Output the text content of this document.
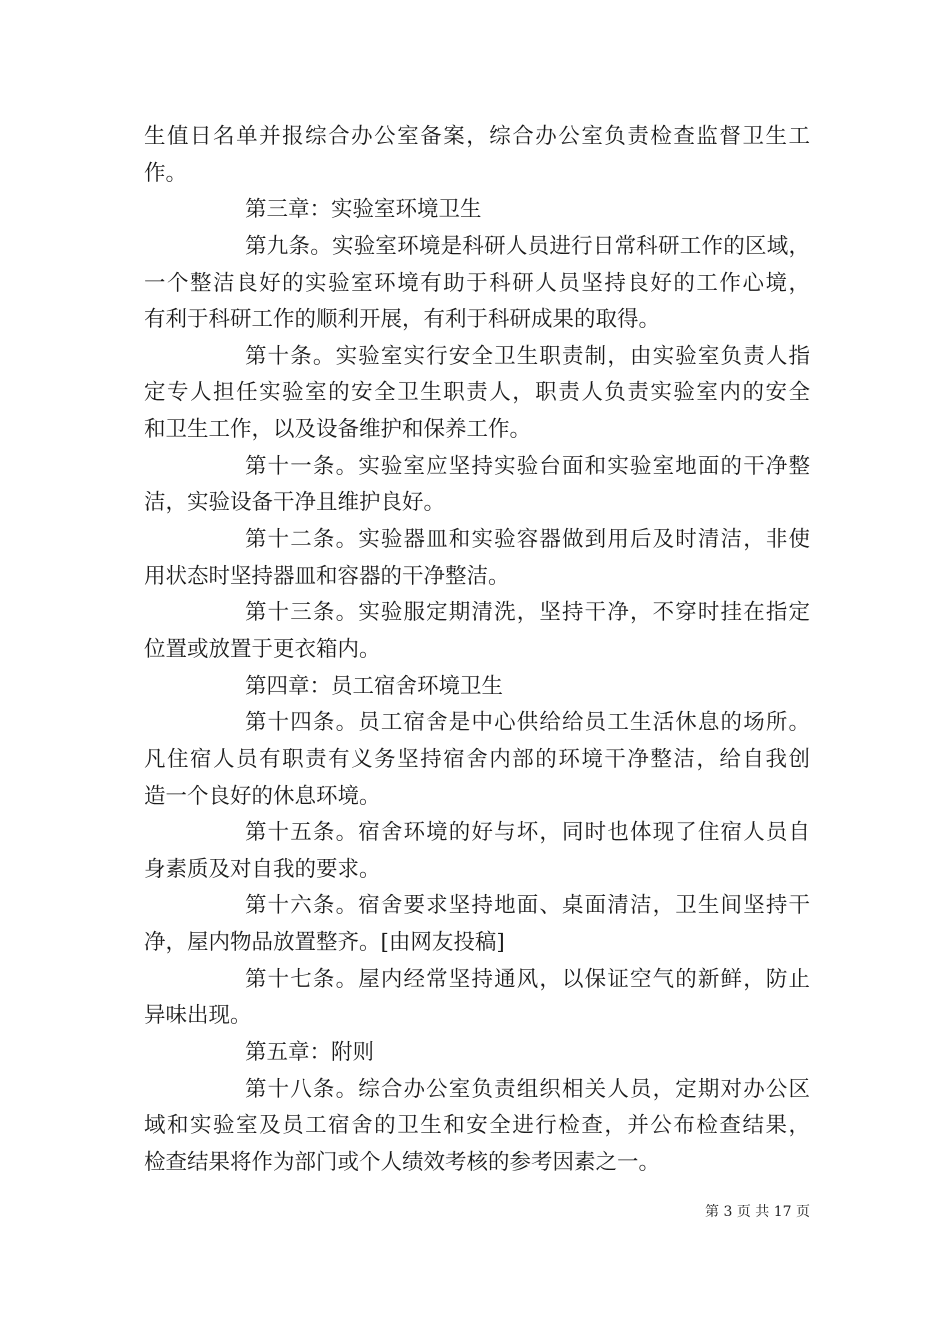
生值日名单并报综合办公室备案，综合办公室负责检查监督卫生工
作。
第三章：实验室环境卫生
第九条。实验室环境是科研人员进行日常科研工作的区域，
一个整洁良好的实验室环境有助于科研人员坚持良好的工作心境，
有利于科研工作的顺利开展，有利于科研成果的取得。
第十条。实验室实行安全卫生职责制，由实验室负责人指
定专人担任实验室的安全卫生职责人，职责人负责实验室内的安全
和卫生工作，以及设备维护和保养工作。
第十一条。实验室应坚持实验台面和实验室地面的干净整
洁，实验设备干净且维护良好。
第十二条。实验器皿和实验容器做到用后及时清洁，非使
用状态时坚持器皿和容器的干净整洁。
第十三条。实验服定期清洗，坚持干净，不穿时挂在指定
位置或放置于更衣箱内。
第四章：员工宿舍环境卫生
第十四条。员工宿舍是中心供给给员工生活休息的场所。
凡住宿人员有职责有义务坚持宿舍内部的环境干净整洁，给自我创
造一个良好的休息环境。
第十五条。宿舍环境的好与坏，同时也体现了住宿人员自
身素质及对自我的要求。
第十六条。宿舍要求坚持地面、桌面清洁，卫生间坚持干
净，屋内物品放置整齐。[由网友投稿]
第十七条。屋内经常坚持通风，以保证空气的新鲜，防止
异味出现。
第五章：附则
第十八条。综合办公室负责组织相关人员，定期对办公区
域和实验室及员工宿舍的卫生和安全进行检查，并公布检查结果，
检查结果将作为部门或个人绩效考核的参考因素之一。
第 3 页 共 17 页
